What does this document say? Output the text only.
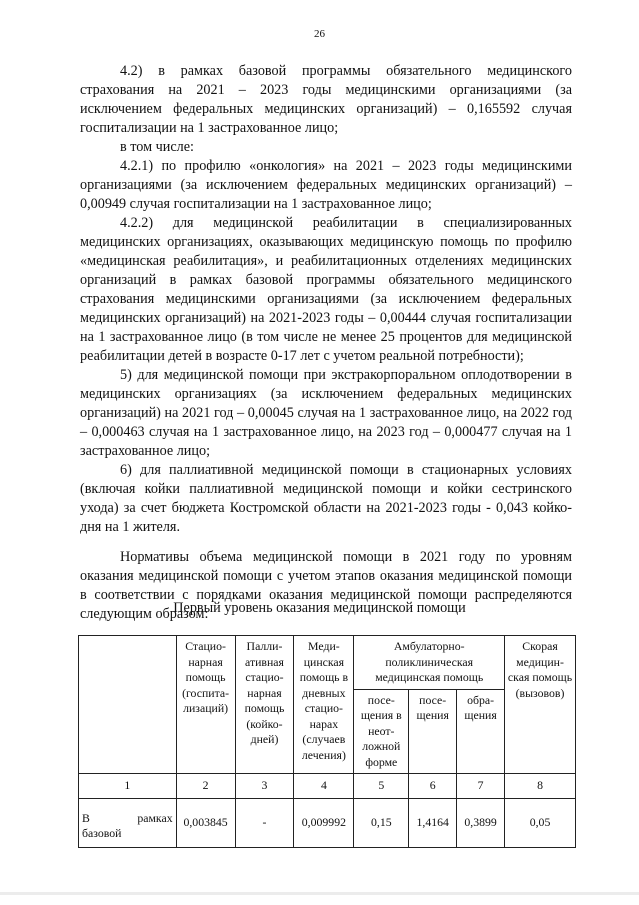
26

4.2) в рамках базовой программы обязательного медицинского страхования на 2021 – 2023 годы медицинскими организациями (за исключением федеральных медицинских организаций) – 0,165592 случая госпитализации на 1 застрахованное лицо;

в том числе:

4.2.1) по профилю «онкология» на 2021 – 2023 годы медицинскими организациями (за исключением федеральных медицинских организаций) – 0,00949 случая госпитализации на 1 застрахованное лицо;

4.2.2) для медицинской реабилитации в специализированных медицинских организациях, оказывающих медицинскую помощь по профилю «медицинская реабилитация», и реабилитационных отделениях медицинских организаций в рамках базовой программы обязательного медицинского страхования медицинскими организациями (за исключением федеральных медицинских организаций) на 2021-2023 годы – 0,00444 случая госпитализации на 1 застрахованное лицо (в том числе не менее 25 процентов для медицинской реабилитации детей в возрасте 0-17 лет с учетом реальной потребности);

5) для медицинской помощи при экстракорпоральном оплодотворении в медицинских организациях (за исключением федеральных медицинских организаций) на 2021 год – 0,00045 случая на 1 застрахованное лицо, на 2022 год – 0,000463 случая на 1 застрахованное лицо, на 2023 год – 0,000477 случая на 1 застрахованное лицо;

6) для паллиативной медицинской помощи в стационарных условиях (включая койки паллиативной медицинской помощи и койки сестринского ухода) за счет бюджета Костромской области на 2021-2023 годы - 0,043 койко-дня на 1 жителя.

Нормативы объема медицинской помощи в 2021 году по уровням оказания медицинской помощи с учетом этапов оказания медицинской помощи в соответствии с порядками оказания медицинской помощи распределяются следующим образом:

Первый уровень оказания медицинской помощи
	Стацио-нарная помощь (госпита-лизаций)	Палли-ативная стацио-нарная помощь (койко-дней)	Меди-цинская помощь в дневных стацио-нарах (случаев лечения)	Амбулаторно-поликлиническая медицинская помощь			Скорая медицин-ская помощь (вызовов)
				посе-щения в неот-ложной форме	посе-щения	обра-щения	
1	2	3	4	5	6	7	8

В рамках
базовой	0,003845	-	0,009992	0,15	1,4164	0,3899	0,05
